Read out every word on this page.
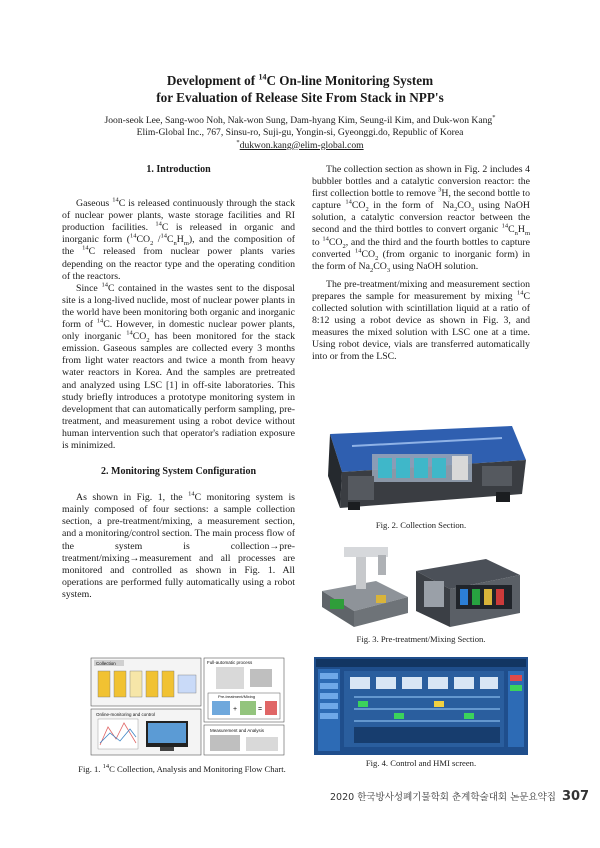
Development of $^{14}$C On-line Monitoring System
for Evaluation of Release Site From Stack in NPP's
Joon-seok Lee, Sang-woo Noh, Nak-won Sung, Dam-hyang Kim, Seung-il Kim, and Duk-won Kang*
Elim-Global Inc., 767, Sinsu-ro, Suji-gu, Yongin-si, Gyeonggi.do, Republic of Korea
*dukwon.kang@elim-global.com
1. Introduction

Gaseous $^{14}$C is released continuously through the stack of nuclear power plants, waste storage facilities and RI production facilities. $^{14}$C is released in organic and inorganic form ($^{14}CO_2$ $/^{14}C_nH_m$), and the composition of the $^{14}$C released from nuclear power plants varies depending on the reactor type and the operating condition of the reactors.

Since $^{14}$C contained in the wastes sent to the disposal site is a long-lived nuclide, most of nuclear power plants in the world have been monitoring both organic and inorganic form of $^{14}$C. However, in domestic nuclear power plants, only inorganic $^{14}CO_2$ has been monitored for the stack emission. Gaseous samples are collected every 3 months from light water reactors and twice a month from heavy water reactors in Korea. And the samples are pretreated and analyzed using LSC [1] in off-site laboratories. This study briefly introduces a prototype monitoring system in development that can automatically perform sampling, pre-treatment, and measurement using a robot device without human intervention such that operator's radiation exposure is minimized.

2. Monitoring System Configuration

As shown in Fig. 1, the $^{14}$C monitoring system is mainly composed of four sections: a sample collection section, a pre-treatment/mixing, a measurement section, and a monitoring/control section. The main process flow of the system is collection→pre-treatment/mixing→measurement and all processes are monitored and controlled as shown in Fig. 1. All operations are performed fully automatically using a robot system.

The collection section as shown in Fig. 2 includes 4 bubbler bottles and a catalytic conversion reactor: the first collection bottle to remove $^3$H, the second bottle to capture $^{14}CO_2$ in the form of  $Na_2CO_3$ using NaOH solution, a catalytic conversion reactor between the second and the third bottles to convert organic $^{14}C_nH_m$ to $^{14}CO_2$, and the third and the fourth bottles to capture converted $^{14}CO_2$ (from organic to inorganic form) in the form of $Na_2CO_3$ using NaOH solution.

The pre-treatment/mixing and measurement section prepares the sample for measurement by mixing $^{14}$C collected solution with scintillation liquid at a ratio of 8:12 using a robot device as shown in Fig. 3, and measures the mixed solution with LSC one at a time. Using robot device, vials are transferred automatically into or from the LSC.

Fig. 2. Collection Section.
Fig. 3. Pre-treatment/Mixing Section.
Fig. 4. Control and HMI screen.
Collection	Full-automatic process
Pre-treatment/Mixing
+	=
Online-monitoring and control
Measurement and Analysis
Fig. 1. $^{14}$C Collection, Analysis and Monitoring Flow Chart.
2020 한국방사성폐기물학회 춘계학술대회 논문요약집 307
